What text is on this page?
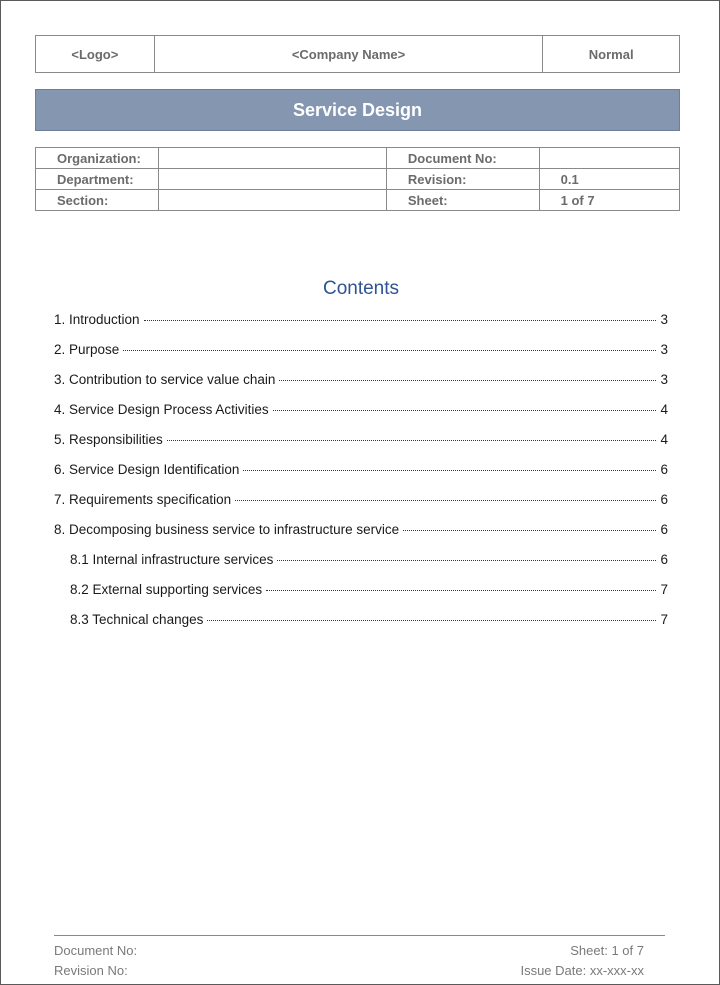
<Logo>	<Company Name>	Normal
Service Design
Organization:		Document No:	
Department:		Revision:	0.1
Section:		Sheet:	1 of 7
Contents
1. Introduction	3
2. Purpose	3
3. Contribution to service value chain	3
4. Service Design Process Activities	4
5. Responsibilities	4
6. Service Design Identification	6
7. Requirements specification	6
8. Decomposing business service to infrastructure service	6
8.1 Internal infrastructure services	6
8.2 External supporting services	7
8.3 Technical changes	7
Document No:
Revision No:
Sheet: 1 of 7
Issue Date: xx-xxx-xx
